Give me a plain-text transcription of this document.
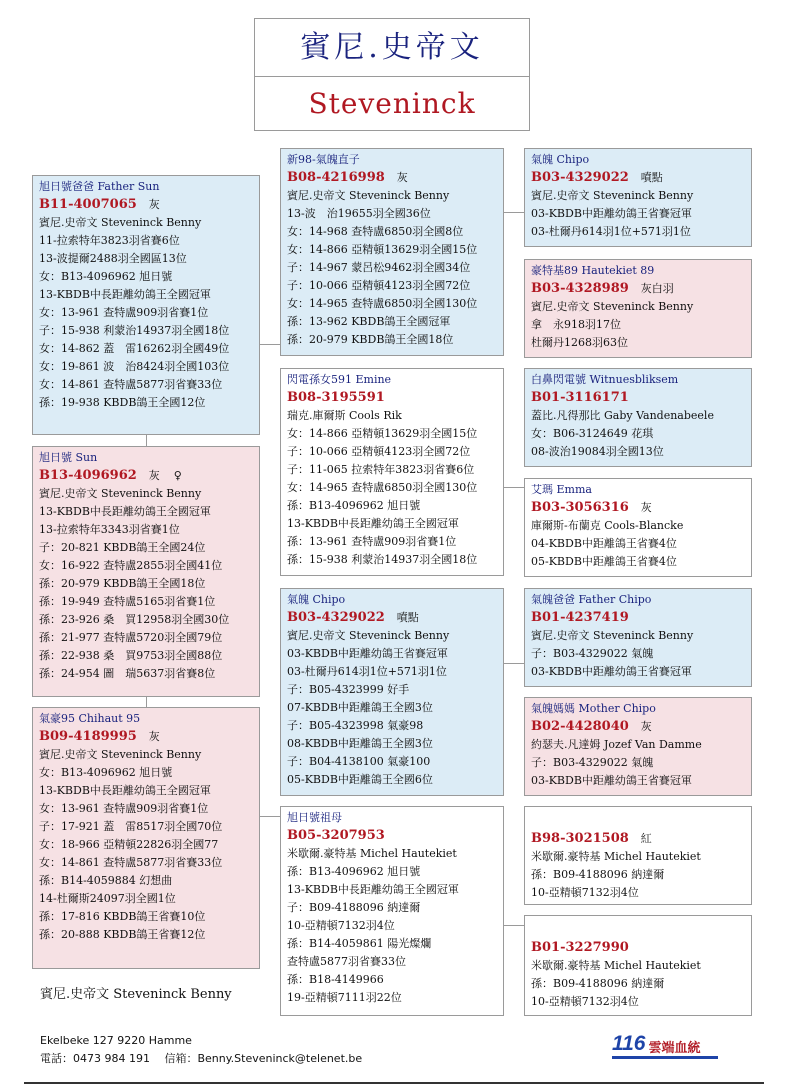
賓尼.史帝文
Steveninck
旭日號爸爸 Father Sun
B11-4007065 灰
賓尼.史帝文 Steveninck Benny
11-拉索特年3823羽省賽6位
13-波提爾2488羽全國區13位
女：B13-4096962 旭日號
13-KBDB中長距離幼鴿王全國冠軍
女：13-961 查特盧909羽省賽1位
子：15-938 利蒙治14937羽全國18位
女：14-862 蓋　雷16262羽全國49位
女：19-861 波　治8424羽全國103位
女：14-861 查特盧5877羽省賽33位
孫：19-938 KBDB鴿王全國12位
旭日號 Sun
B13-4096962 灰 ♀
賓尼.史帝文 Steveninck Benny
13-KBDB中長距離幼鴿王全國冠軍
13-拉索特年3343羽省賽1位
子：20-821 KBDB鴿王全國24位
女：16-922 查特盧2855羽全國41位
孫：20-979 KBDB鴿王全國18位
孫：19-949 查特盧5165羽省賽1位
孫：23-926 桑　買12958羽全國30位
孫：21-977 查特盧5720羽全國79位
孫：22-938 桑　買9753羽全國88位
孫：24-954 圖　瑞5637羽省賽8位
氣豪95 Chihaut 95
B09-4189995 灰
賓尼.史帝文 Steveninck Benny
女：B13-4096962 旭日號
13-KBDB中長距離幼鴿王全國冠軍
女：13-961 查特盧909羽省賽1位
子：17-921 蓋　雷8517羽全國70位
女：18-966 亞精頓22826羽全國77
女：14-861 查特盧5877羽省賽33位
孫：B14-4059884 幻想曲
14-杜爾斯24097羽全國1位
孫：17-816 KBDB鴿王省賽10位
孫：20-888 KBDB鴿王省賽12位
新98-氣魄直子
B08-4216998 灰
賓尼.史帝文 Steveninck Benny
13-波　治19655羽全國36位
女：14-968 查特盧6850羽全國8位
女：14-866 亞精頓13629羽全國15位
子：14-967 蒙呂松9462羽全國34位
子：10-066 亞精頓4123羽全國72位
女：14-965 查特盧6850羽全國130位
孫：13-962 KBDB鴿王全國冠軍
孫：20-979 KBDB鴿王全國18位
閃電孫女591 Emine
B08-3195591
瑞克.庫爾斯 Cools Rik
女：14-866 亞精頓13629羽全國15位
子：10-066 亞精頓4123羽全國72位
子：11-065 拉索特年3823羽省賽6位
女：14-965 查特盧6850羽全國130位
孫：B13-4096962 旭日號
13-KBDB中長距離幼鴿王全國冠軍
孫：13-961 查特盧909羽省賽1位
孫：15-938 利蒙治14937羽全國18位
氣魄 Chipo
B03-4329022 噴點
賓尼.史帝文 Steveninck Benny
03-KBDB中距離幼鴿王省賽冠軍
03-杜爾丹614羽1位+571羽1位
子：B05-4323999 好手
07-KBDB中距離鴿王全國3位
子：B05-4323998 氣豪98
08-KBDB中距離鴿王全國3位
子：B04-4138100 氣豪100
05-KBDB中距離鴿王全國6位
旭日號祖母
B05-3207953
米歇爾.豪特基 Michel Hautekiet
孫：B13-4096962 旭日號
13-KBDB中長距離幼鴿王全國冠軍
子：B09-4188096 納達爾
10-亞精頓7132羽4位
孫：B14-4059861 陽光燦爛
查特盧5877羽省賽33位
孫：B18-4149966
19-亞精頓7111羽22位
氣魄 Chipo
B03-4329022 噴點
賓尼.史帝文 Steveninck Benny
03-KBDB中距離幼鴿王省賽冠軍
03-杜爾丹614羽1位+571羽1位
豪特基89 Hautekiet 89
B03-4328989 灰白羽
賓尼.史帝文 Steveninck Benny
拿　永918羽17位
杜爾丹1268羽63位
白鼻閃電號 Witnuesbliksem
B01-3116171
蓋比.凡得那比 Gaby Vandenabeele
女：B06-3124649 花琪
08-波治19084羽全國13位
艾瑪 Emma
B03-3056316 灰
庫爾斯-布蘭克 Cools-Blancke
04-KBDB中距離鴿王省賽4位
05-KBDB中距離鴿王省賽4位
氣魄爸爸 Father Chipo
B01-4237419
賓尼.史帝文 Steveninck Benny
子：B03-4329022 氣魄
03-KBDB中距離幼鴿王省賽冠軍
氣魄媽媽 Mother Chipo
B02-4428040 灰
約瑟夫.凡達姆 Jozef Van Damme
子：B03-4329022 氣魄
03-KBDB中距離幼鴿王省賽冠軍
B98-3021508 紅
米歇爾.豪特基 Michel Hautekiet
孫：B09-4188096 納達爾
10-亞精頓7132羽4位
B01-3227990
米歇爾.豪特基 Michel Hautekiet
孫：B09-4188096 納達爾
10-亞精頓7132羽4位
賓尼.史帝文 Steveninck Benny
Ekelbeke 127 9220 Hamme
電話：0473 984 191　 信箱：Benny.Steveninck@telenet.be
116 雲端血統
